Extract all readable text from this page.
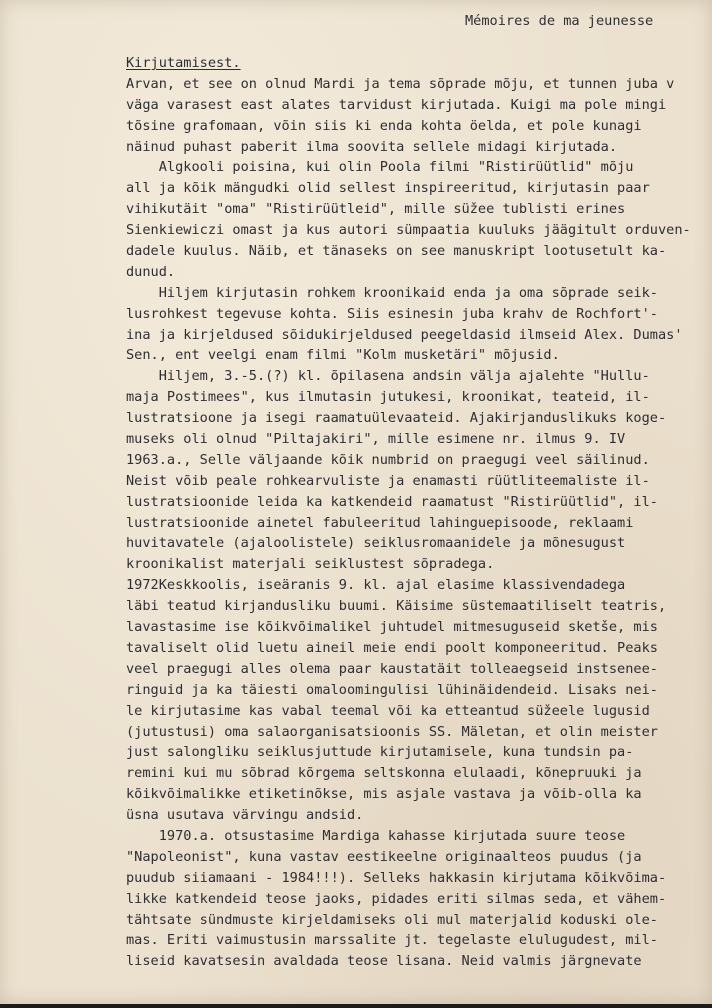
Mémoires de ma jeunesse
Kirjutamisest.
Arvan, et see on olnud Mardi ja tema sõprade mõju, et tunnen juba v
väga varasest east alates tarvidust kirjutada. Kuigi ma pole mingi
tõsine grafomaan, võin siis ki enda kohta öelda, et pole kunagi
näinud puhast paberit ilma soovita sellele midagi kirjutada.
Algkooli poisina, kui olin Poola filmi "Ristirüütlid" mõju
all ja kõik mängudki olid sellest inspireeritud, kirjutasin paar
vihikutäit "oma" "Ristirüütleid", mille süžee tublisti erines
Sienkiewiczi omast ja kus autori sümpaatia kuuluks jäägitult orduven-
dadele kuulus. Näib, et tänaseks on see manuskript lootusetult ka-
dunud.
Hiljem kirjutasin rohkem kroonikaid enda ja oma sõprade seik-
lusrohkest tegevuse kohta. Siis esinesin juba krahv de Rochfort'-
ina ja kirjeldused sõidukirjeldused peegeldasid ilmseid Alex. Dumas'
Sen., ent veelgi enam filmi "Kolm musketäri" mõjusid.
Hiljem, 3.-5.(?) kl. õpilasena andsin välja ajalehte "Hullu-
maja Postimees", kus ilmutasin jutukesi, kroonikat, teateid, il-
lustratsioone ja isegi raamatuülevaateid. Ajakirjanduslikuks koge-
museks oli olnud "Piltajakiri", mille esimene nr. ilmus 9. IV
1963.a., Selle väljaande kõik numbrid on praegugi veel säilinud.
Neist võib peale rohkearvuliste ja enamasti rüütliteemaliste il-
lustratsioonide leida ka katkendeid raamatust "Ristirüütlid", il-
lustratsioonide ainetel fabuleeritud lahinguepisoode, reklaami
huvitavatele (ajaloolistele) seiklusromaanidele ja mõnesugust
kroonikalist materjali seiklustest sõpradega.
1972Keskkoolis, iseäranis 9. kl. ajal elasime klassivendadega
läbi teatud kirjandusliku buumi. Käisime süstemaatiliselt teatris,
lavastasime ise kõikvõimalikel juhtudel mitmesuguseid sketše, mis
tavaliselt olid luetu aineil meie endi poolt komponeeritud. Peaks
veel praegugi alles olema paar kaustatäit tolleaegseid instsenee-
ringuid ja ka täiesti omaloomingulisi lühinäidendeid. Lisaks nei-
le kirjutasime kas vabal teemal või ka etteantud süžeele lugusid
(jutustusi) oma salaorganisatsioonis SS. Mäletan, et olin meister
just salongliku seiklusjuttude kirjutamisele, kuna tundsin pa-
remini kui mu sõbrad kõrgema seltskonna elulaadi, kõnepruuki ja
kõikvõimalikke etiketinõkse, mis asjale vastava ja võib-olla ka
üsna usutava värvingu andsid.
1970.a. otsustasime Mardiga kahasse kirjutada suure teose
"Napoleonist", kuna vastav eestikeelne originaalteos puudus (ja
puudub siiamaani - 1984!!!). Selleks hakkasin kirjutama kõikvõima-
likke katkendeid teose jaoks, pidades eriti silmas seda, et vähem-
tähtsate sündmuste kirjeldamiseks oli mul materjalid koduski ole-
mas. Eriti vaimustusin marssalite jt. tegelaste elulugudest, mil-
liseid kavatsesin avaldada teose lisana. Neid valmis järgnevate
